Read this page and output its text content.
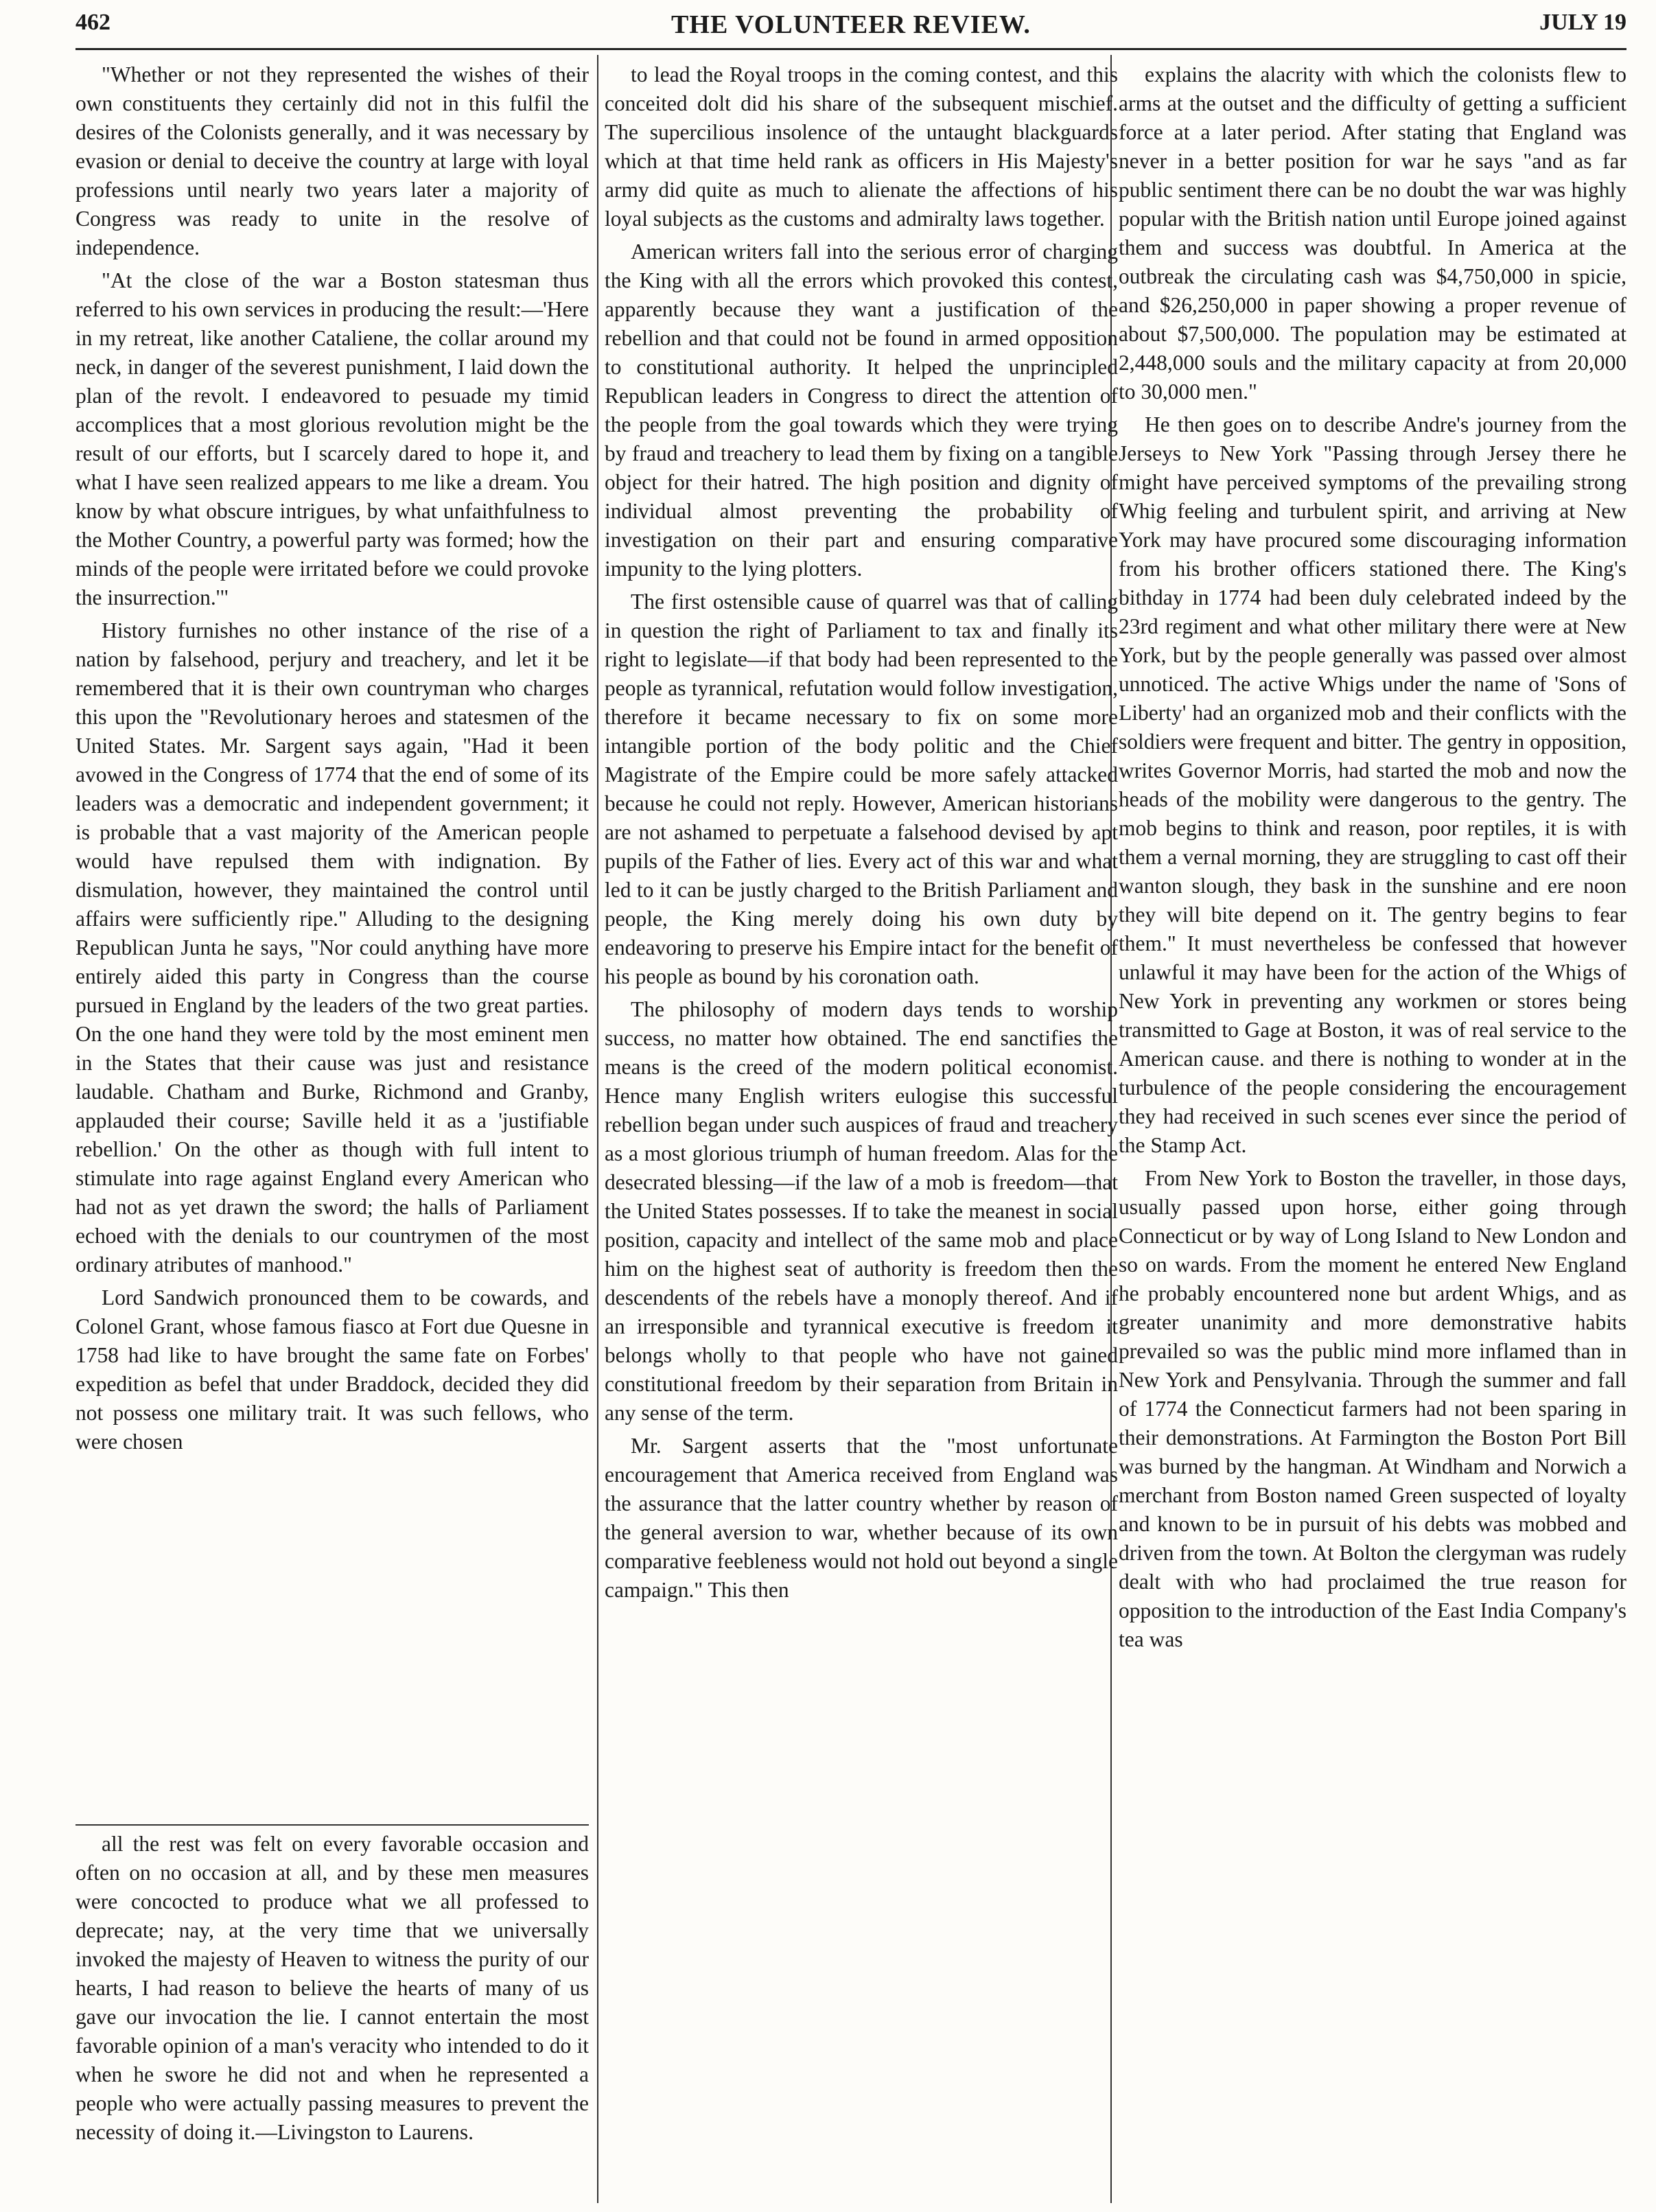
462	THE VOLUNTEER REVIEW.	JULY 19

"Whether or not they represented the wishes of their own constituents they certainly did not in this fulfil the desires of the Colonists generally, and it was necessary by evasion or denial to deceive the country at large with loyal professions until nearly two years later a majority of Congress was ready to unite in the resolve of independence.

"At the close of the war a Boston statesman thus referred to his own services in producing the result:—'Here in my retreat, like another Cataliene, the collar around my neck, in danger of the severest punishment, I laid down the plan of the revolt. I endeavored to pesuade my timid accomplices that a most glorious revolution might be the result of our efforts, but I scarcely dared to hope it, and what I have seen realized appears to me like a dream. You know by what obscure intrigues, by what unfaithfulness to the Mother Country, a powerful party was formed; how the minds of the people were irritated before we could provoke the insurrection.'"

History furnishes no other instance of the rise of a nation by falsehood, perjury and treachery, and let it be remembered that it is their own countryman who charges this upon the "Revolutionary heroes and statesmen of the United States. Mr. Sargent says again, "Had it been avowed in the Congress of 1774 that the end of some of its leaders was a democratic and independent government; it is probable that a vast majority of the American people would have repulsed them with indignation. By dismulation, however, they maintained the control until affairs were sufficiently ripe." Alluding to the designing Republican Junta he says, "Nor could anything have more entirely aided this party in Congress than the course pursued in England by the leaders of the two great parties. On the one hand they were told by the most eminent men in the States that their cause was just and resistance laudable. Chatham and Burke, Richmond and Granby, applauded their course; Saville held it as a 'justifiable rebellion.' On the other as though with full intent to stimulate into rage against England every American who had not as yet drawn the sword; the halls of Parliament echoed with the denials to our countrymen of the most ordinary atributes of manhood."

Lord Sandwich pronounced them to be cowards, and Colonel Grant, whose famous fiasco at Fort due Quesne in 1758 had like to have brought the same fate on Forbes' expedition as befel that under Braddock, decided they did not possess one military trait. It was such fellows, who were chosen

all the rest was felt on every favorable occasion and often on no occasion at all, and by these men measures were concocted to produce what we all professed to deprecate; nay, at the very time that we universally invoked the majesty of Heaven to witness the purity of our hearts, I had reason to believe the hearts of many of us gave our invocation the lie. I cannot entertain the most favorable opinion of a man's veracity who intended to do it when he swore he did not and when he represented a people who were actually passing measures to prevent the necessity of doing it.—Livingston to Laurens.

to lead the Royal troops in the coming contest, and this conceited dolt did his share of the subsequent mischief. The supercilious insolence of the untaught blackguards which at that time held rank as officers in His Majesty's army did quite as much to alienate the affections of his loyal subjects as the customs and admiralty laws together.

American writers fall into the serious error of charging the King with all the errors which provoked this contest, apparently because they want a justification of the rebellion and that could not be found in armed opposition to constitutional authority. It helped the unprincipled Republican leaders in Congress to direct the attention of the people from the goal towards which they were trying by fraud and treachery to lead them by fixing on a tangible object for their hatred. The high position and dignity of individual almost preventing the probability of investigation on their part and ensuring comparative impunity to the lying plotters.

The first ostensible cause of quarrel was that of calling in question the right of Parliament to tax and finally its right to legislate—if that body had been represented to the people as tyrannical, refutation would follow investigation, therefore it became necessary to fix on some more intangible portion of the body politic and the Chief Magistrate of the Empire could be more safely attacked because he could not reply. However, American historians are not ashamed to perpetuate a falsehood devised by apt pupils of the Father of lies. Every act of this war and what led to it can be justly charged to the British Parliament and people, the King merely doing his own duty by endeavoring to preserve his Empire intact for the benefit of his people as bound by his coronation oath.

The philosophy of modern days tends to worship success, no matter how obtained. The end sanctifies the means is the creed of the modern political economist. Hence many English writers eulogise this successful rebellion began under such auspices of fraud and treachery as a most glorious triumph of human freedom. Alas for the desecrated blessing—if the law of a mob is freedom—that the United States possesses. If to take the meanest in social position, capacity and intellect of the same mob and place him on the highest seat of authority is freedom then the descendents of the rebels have a monoply thereof. And if an irresponsible and tyrannical executive is freedom it belongs wholly to that people who have not gained constitutional freedom by their separation from Britain in any sense of the term.

Mr. Sargent asserts that the "most unfortunate encouragement that America received from England was the assurance that the latter country whether by reason of the general aversion to war, whether because of its own comparative feebleness would not hold out beyond a single campaign." This then

explains the alacrity with which the colonists flew to arms at the outset and the difficulty of getting a sufficient force at a later period. After stating that England was never in a better position for war he says "and as far public sentiment there can be no doubt the war was highly popular with the British nation until Europe joined against them and success was doubtful. In America at the outbreak the circulating cash was $4,750,000 in spicie, and $26,250,000 in paper showing a proper revenue of about $7,500,000. The population may be estimated at 2,448,000 souls and the military capacity at from 20,000 to 30,000 men."

He then goes on to describe Andre's journey from the Jerseys to New York "Passing through Jersey there he might have perceived symptoms of the prevailing strong Whig feeling and turbulent spirit, and arriving at New York may have procured some discouraging information from his brother officers stationed there. The King's bithday in 1774 had been duly celebrated indeed by the 23rd regiment and what other military there were at New York, but by the people generally was passed over almost unnoticed. The active Whigs under the name of 'Sons of Liberty' had an organized mob and their conflicts with the soldiers were frequent and bitter. The gentry in opposition, writes Governor Morris, had started the mob and now the heads of the mobility were dangerous to the gentry. The mob begins to think and reason, poor reptiles, it is with them a vernal morning, they are struggling to cast off their wanton slough, they bask in the sunshine and ere noon they will bite depend on it. The gentry begins to fear them." It must nevertheless be confessed that however unlawful it may have been for the action of the Whigs of New York in preventing any workmen or stores being transmitted to Gage at Boston, it was of real service to the American cause. and there is nothing to wonder at in the turbulence of the people considering the encouragement they had received in such scenes ever since the period of the Stamp Act.

From New York to Boston the traveller, in those days, usually passed upon horse, either going through Connecticut or by way of Long Island to New London and so on wards. From the moment he entered New England he probably encountered none but ardent Whigs, and as greater unanimity and more demonstrative habits prevailed so was the public mind more inflamed than in New York and Pensylvania. Through the summer and fall of 1774 the Connecticut farmers had not been sparing in their demonstrations. At Farmington the Boston Port Bill was burned by the hangman. At Windham and Norwich a merchant from Boston named Green suspected of loyalty and known to be in pursuit of his debts was mobbed and driven from the town. At Bolton the clergyman was rudely dealt with who had proclaimed the true reason for opposition to the introduction of the East India Company's tea was
